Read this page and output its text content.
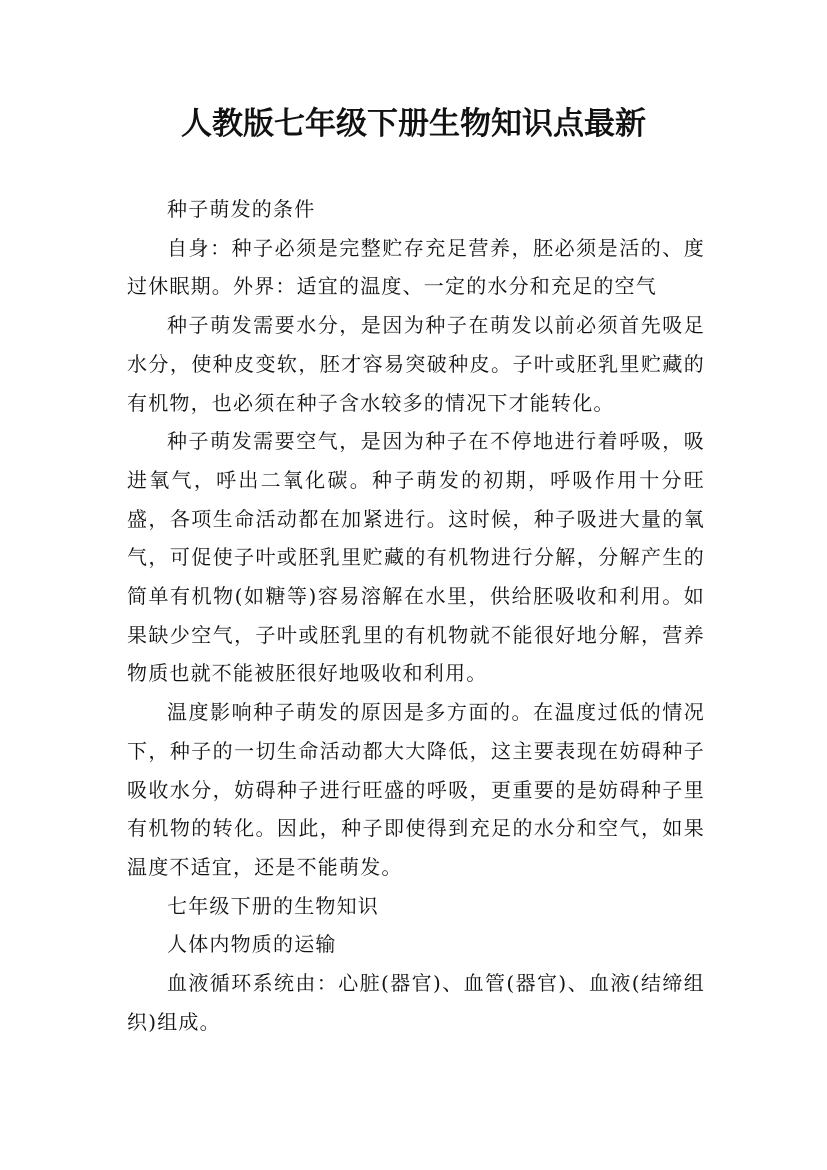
人教版七年级下册生物知识点最新

种子萌发的条件

自身：种子必须是完整贮存充足营养，胚必须是活的、度过休眠期。外界：适宜的温度、一定的水分和充足的空气

种子萌发需要水分，是因为种子在萌发以前必须首先吸足水分，使种皮变软，胚才容易突破种皮。子叶或胚乳里贮藏的有机物，也必须在种子含水较多的情况下才能转化。

种子萌发需要空气，是因为种子在不停地进行着呼吸，吸进氧气，呼出二氧化碳。种子萌发的初期，呼吸作用十分旺盛，各项生命活动都在加紧进行。这时候，种子吸进大量的氧气，可促使子叶或胚乳里贮藏的有机物进行分解，分解产生的简单有机物(如糖等)容易溶解在水里，供给胚吸收和利用。如果缺少空气，子叶或胚乳里的有机物就不能很好地分解，营养物质也就不能被胚很好地吸收和利用。

温度影响种子萌发的原因是多方面的。在温度过低的情况下，种子的一切生命活动都大大降低，这主要表现在妨碍种子吸收水分，妨碍种子进行旺盛的呼吸，更重要的是妨碍种子里有机物的转化。因此，种子即使得到充足的水分和空气，如果温度不适宜，还是不能萌发。

七年级下册的生物知识

人体内物质的运输

血液循环系统由：心脏(器官)、血管(器官)、血液(结缔组织)组成。
